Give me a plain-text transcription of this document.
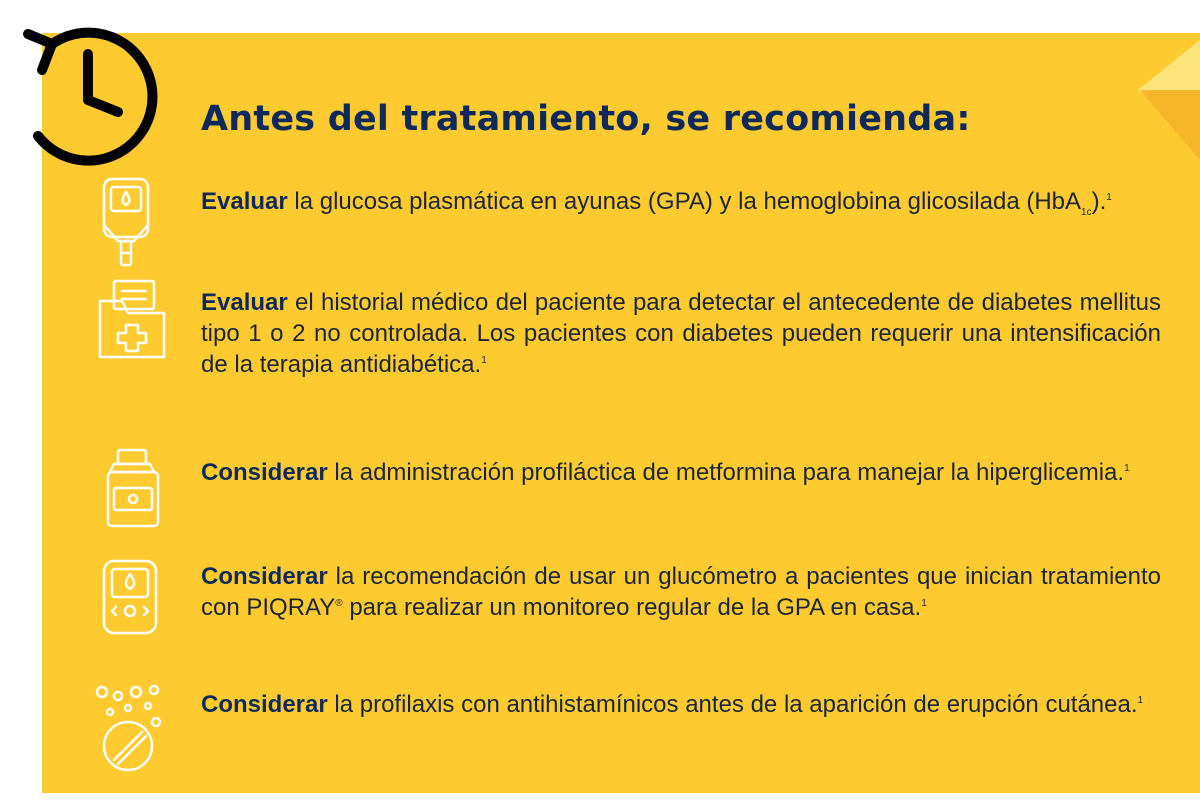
Antes del tratamiento, se recomienda:

Evaluar la glucosa plasmática en ayunas (GPA) y la hemoglobina glicosilada (HbA$_{1c}$).$^1$

Evaluar el historial médico del paciente para detectar el antecedente de diabetes mellitus tipo 1 o 2 no controlada. Los pacientes con diabetes pueden requerir una intensificación de la terapia antidiabética.$^1$

Considerar la administración profiláctica de metformina para manejar la hiperglicemia.$^1$

Considerar la recomendación de usar un glucómetro a pacientes que inician tratamiento con PIQRAY® para realizar un monitoreo regular de la GPA en casa.$^1$

Considerar la profilaxis con antihistamínicos antes de la aparición de erupción cutánea.$^1$
